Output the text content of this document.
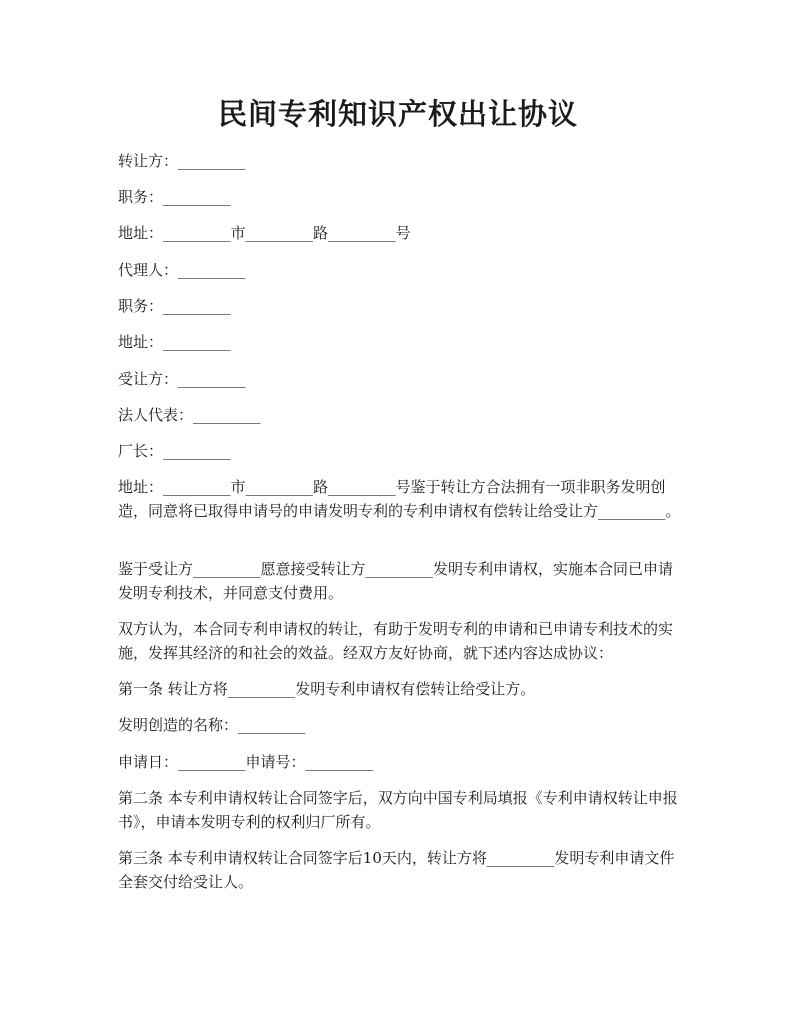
民间专利知识产权出让协议

转让方：_________

职务：_________

地址：_________市_________路_________号

代理人：_________

职务：_________

地址：_________

受让方：_________

法人代表：_________

厂长：_________

地址：_________市_________路_________号鉴于转让方合法拥有一项非职务发明创造，同意将已取得申请号的申请发明专利的专利申请权有偿转让给受让方_________。

鉴于受让方_________愿意接受转让方_________发明专利申请权，实施本合同已申请发明专利技术，并同意支付费用。

双方认为，本合同专利申请权的转让，有助于发明专利的申请和已申请专利技术的实施，发挥其经济的和社会的效益。经双方友好协商，就下述内容达成协议：

第一条 转让方将_________发明专利申请权有偿转让给受让方。

发明创造的名称：_________

申请日：_________申请号：_________

第二条 本专利申请权转让合同签字后，双方向中国专利局填报《专利申请权转让申报书》，申请本发明专利的权利归厂所有。

第三条 本专利申请权转让合同签字后10天内，转让方将_________发明专利申请文件全套交付给受让人。
